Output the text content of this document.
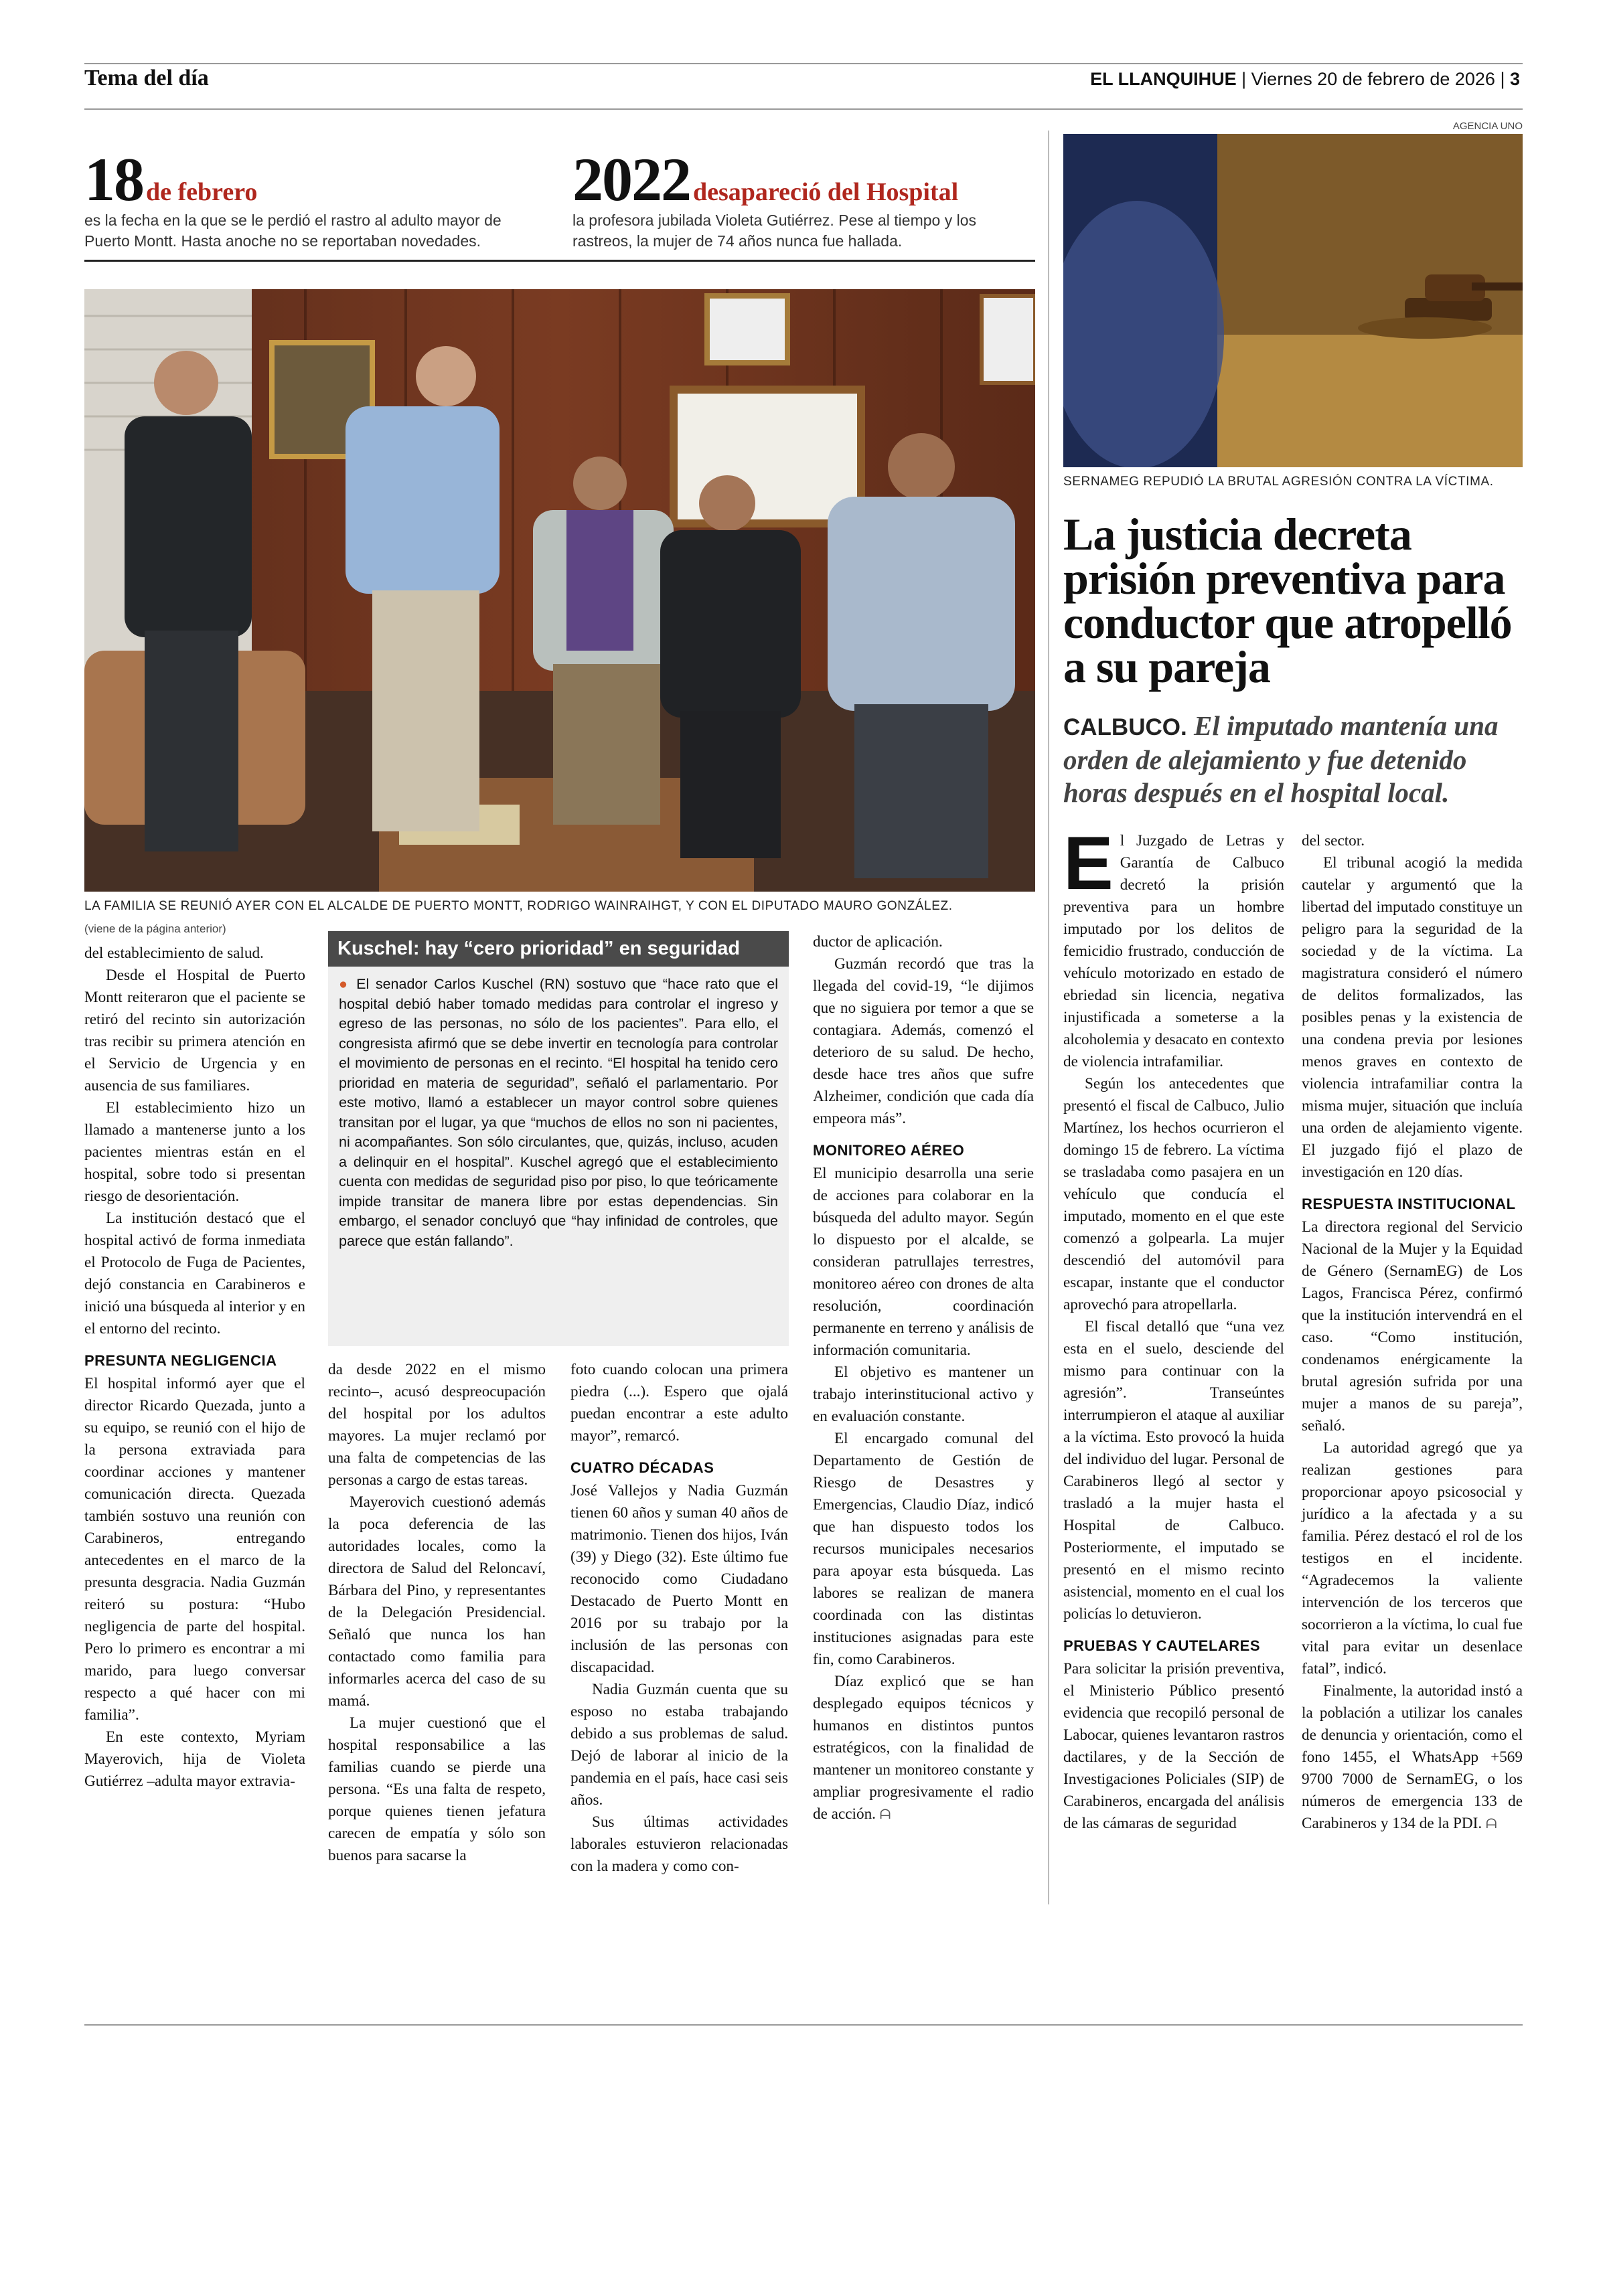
Tema del día	EL LLANQUIHUE | Viernes 20 de febrero de 2026 | 3
18 de febrero
es la fecha en la que se le perdió el rastro al adulto mayor de Puerto Montt. Hasta anoche no se reportaban novedades.
2022 desapareció del Hospital
la profesora jubilada Violeta Gutiérrez. Pese al tiempo y los rastreos, la mujer de 74 años nunca fue hallada.
LA FAMILIA SE REUNIÓ AYER CON EL ALCALDE DE PUERTO MONTT, RODRIGO WAINRAIHGT, Y CON EL DIPUTADO MAURO GONZÁLEZ.
AGENCIA UNO
SERNAMEG REPUDIÓ LA BRUTAL AGRESIÓN CONTRA LA VÍCTIMA.
La justicia decreta prisión preventiva para conductor que atropelló a su pareja
CALBUCO. El imputado mantenía una orden de alejamiento y fue detenido horas después en el hospital local.
(viene de la página anterior)

del establecimiento de salud.

Desde el Hospital de Puerto Montt reiteraron que el paciente se retiró del recinto sin autorización tras recibir su primera atención en el Servicio de Urgencia y en ausencia de sus familiares.

El establecimiento hizo un llamado a mantenerse junto a los pacientes mientras están en el hospital, sobre todo si presentan riesgo de desorientación.

La institución destacó que el hospital activó de forma inmediata el Protocolo de Fuga de Pacientes, dejó constancia en Carabineros e inició una búsqueda al interior y en el entorno del recinto.

PRESUNTA NEGLIGENCIA

El hospital informó ayer que el director Ricardo Quezada, junto a su equipo, se reunió con el hijo de la persona extraviada para coordinar acciones y mantener comunicación directa. Quezada también sostuvo una reunión con Carabineros, entregando antecedentes en el marco de la presunta desgracia. Nadia Guzmán reiteró su postura: “Hubo negligencia de parte del hospital. Pero lo primero es encontrar a mi marido, para luego conversar respecto a qué hacer con mi familia”.

En este contexto, Myriam Mayerovich, hija de Violeta Gutiérrez –adulta mayor extravia-

Kuschel: hay “cero prioridad” en seguridad
● El senador Carlos Kuschel (RN) sostuvo que “hace rato que el hospital debió haber tomado medidas para controlar el ingreso y egreso de las personas, no sólo de los pacientes”. Para ello, el congresista afirmó que se debe invertir en tecnología para controlar el movimiento de personas en el recinto. “El hospital ha tenido cero prioridad en materia de seguridad”, señaló el parlamentario. Por este motivo, llamó a establecer un mayor control sobre quienes transitan por el lugar, ya que “muchos de ellos no son ni pacientes, ni acompañantes. Son sólo circulantes, que, quizás, incluso, acuden a delinquir en el hospital”. Kuschel agregó que el establecimiento cuenta con medidas de seguridad piso por piso, lo que teóricamente impide transitar de manera libre por estas dependencias. Sin embargo, el senador concluyó que “hay infinidad de controles, que parece que están fallando”.

da desde 2022 en el mismo recinto–, acusó despreocupación del hospital por los adultos mayores. La mujer reclamó por una falta de competencias de las personas a cargo de estas tareas.

Mayerovich cuestionó además la poca deferencia de las autoridades locales, como la directora de Salud del Reloncaví, Bárbara del Pino, y representantes de la Delegación Presidencial. Señaló que nunca los han contactado como familia para informarles acerca del caso de su mamá.

La mujer cuestionó que el hospital responsabilice a las familias cuando se pierde una persona. “Es una falta de respeto, porque quienes tienen jefatura carecen de empatía y sólo son buenos para sacarse la

foto cuando colocan una primera piedra (...). Espero que ojalá puedan encontrar a este adulto mayor”, remarcó.

CUATRO DÉCADAS

José Vallejos y Nadia Guzmán tienen 60 años y suman 40 años de matrimonio. Tienen dos hijos, Iván (39) y Diego (32). Este último fue reconocido como Ciudadano Destacado de Puerto Montt en 2016 por su trabajo por la inclusión de las personas con discapacidad.

Nadia Guzmán cuenta que su esposo no estaba trabajando debido a sus problemas de salud. Dejó de laborar al inicio de la pandemia en el país, hace casi seis años.

Sus últimas actividades laborales estuvieron relacionadas con la madera y como con-

ductor de aplicación.

Guzmán recordó que tras la llegada del covid-19, “le dijimos que no siguiera por temor a que se contagiara. Además, comenzó el deterioro de su salud. De hecho, desde hace tres años que sufre Alzheimer, condición que cada día empeora más”.

MONITOREO AÉREO

El municipio desarrolla una serie de acciones para colaborar en la búsqueda del adulto mayor. Según lo dispuesto por el alcalde, se consideran patrullajes terrestres, monitoreo aéreo con drones de alta resolución, coordinación permanente en terreno y análisis de información comunitaria.

El objetivo es mantener un trabajo interinstitucional activo y en evaluación constante.

El encargado comunal del Departamento de Gestión de Riesgo de Desastres y Emergencias, Claudio Díaz, indicó que han dispuesto todos los recursos municipales necesarios para apoyar esta búsqueda. Las labores se realizan de manera coordinada con las distintas instituciones asignadas para este fin, como Carabineros.

Díaz explicó que se han desplegado equipos técnicos y humanos en distintos puntos estratégicos, con la finalidad de mantener un monitoreo constante y ampliar progresivamente el radio de acción. ᗩ

El Juzgado de Letras y Garantía de Calbuco decretó la prisión preventiva para un hombre imputado por los delitos de femicidio frustrado, conducción de vehículo motorizado en estado de ebriedad sin licencia, negativa injustificada a someterse a la alcoholemia y desacato en contexto de violencia intrafamiliar.

Según los antecedentes que presentó el fiscal de Calbuco, Julio Martínez, los hechos ocurrieron el domingo 15 de febrero. La víctima se trasladaba como pasajera en un vehículo que conducía el imputado, momento en el que este comenzó a golpearla. La mujer descendió del automóvil para escapar, instante que el conductor aprovechó para atropellarla.

El fiscal detalló que “una vez esta en el suelo, desciende del mismo para continuar con la agresión”. Transeúntes interrumpieron el ataque al auxiliar a la víctima. Esto provocó la huida del individuo del lugar. Personal de Carabineros llegó al sector y trasladó a la mujer hasta el Hospital de Calbuco. Posteriormente, el imputado se presentó en el mismo recinto asistencial, momento en el cual los policías lo detuvieron.

PRUEBAS Y CAUTELARES

Para solicitar la prisión preventiva, el Ministerio Público presentó evidencia que recopiló personal de Labocar, quienes levantaron rastros dactilares, y de la Sección de Investigaciones Policiales (SIP) de Carabineros, encargada del análisis de las cámaras de seguridad

del sector.

El tribunal acogió la medida cautelar y argumentó que la libertad del imputado constituye un peligro para la seguridad de la sociedad y de la víctima. La magistratura consideró el número de delitos formalizados, las posibles penas y la existencia de una condena previa por lesiones menos graves en contexto de violencia intrafamiliar contra la misma mujer, situación que incluía una orden de alejamiento vigente. El juzgado fijó el plazo de investigación en 120 días.

RESPUESTA INSTITUCIONAL

La directora regional del Servicio Nacional de la Mujer y la Equidad de Género (SernamEG) de Los Lagos, Francisca Pérez, confirmó que la institución intervendrá en el caso. “Como institución, condenamos enérgicamente la brutal agresión sufrida por una mujer a manos de su pareja”, señaló.

La autoridad agregó que ya realizan gestiones para proporcionar apoyo psicosocial y jurídico a la afectada y a su familia. Pérez destacó el rol de los testigos en el incidente. “Agradecemos la valiente intervención de los terceros que socorrieron a la víctima, lo cual fue vital para evitar un desenlace fatal”, indicó.

Finalmente, la autoridad instó a la población a utilizar los canales de denuncia y orientación, como el fono 1455, el WhatsApp +569 9700 7000 de SernamEG, o los números de emergencia 133 de Carabineros y 134 de la PDI. ᗩ
